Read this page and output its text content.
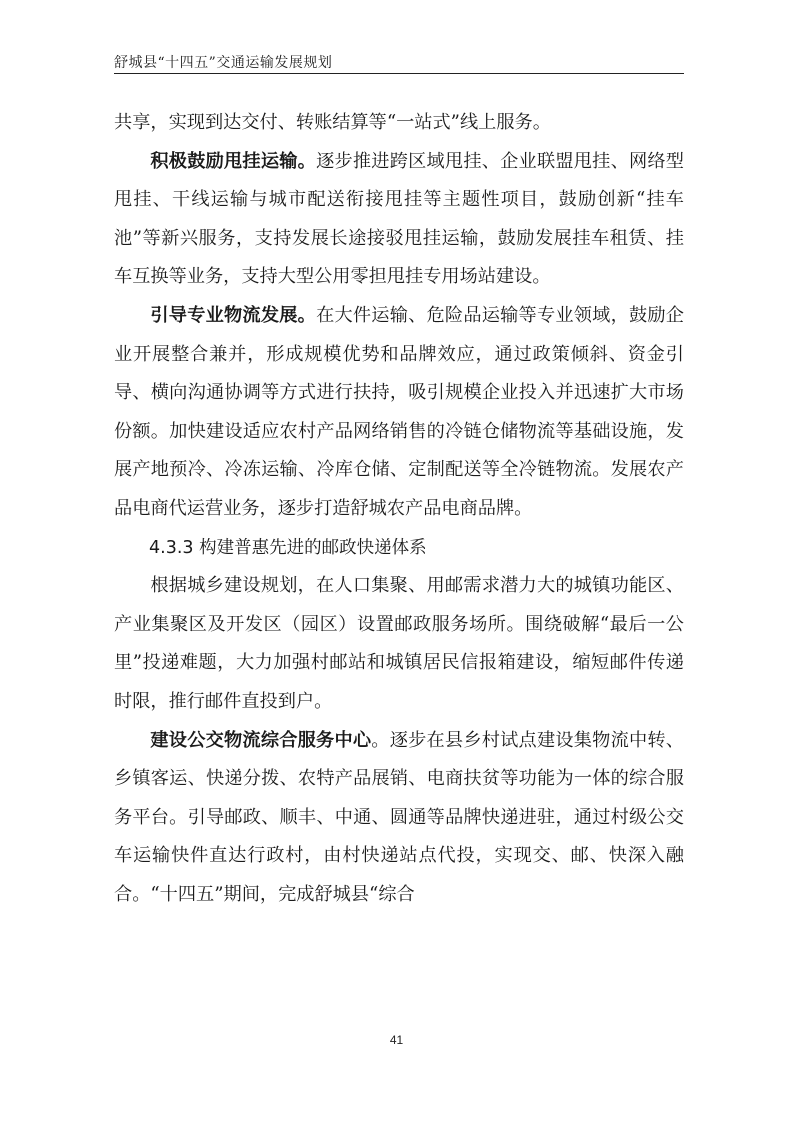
舒城县“十四五”交通运输发展规划

共享，实现到达交付、转账结算等“一站式”线上服务。

积极鼓励甩挂运输。逐步推进跨区域甩挂、企业联盟甩挂、网络型甩挂、干线运输与城市配送衔接甩挂等主题性项目，鼓励创新“挂车池”等新兴服务，支持发展长途接驳甩挂运输，鼓励发展挂车租赁、挂车互换等业务，支持大型公用零担甩挂专用场站建设。

引导专业物流发展。在大件运输、危险品运输等专业领域，鼓励企业开展整合兼并，形成规模优势和品牌效应，通过政策倾斜、资金引导、横向沟通协调等方式进行扶持，吸引规模企业投入并迅速扩大市场份额。加快建设适应农村产品网络销售的冷链仓储物流等基础设施，发展产地预冷、冷冻运输、冷库仓储、定制配送等全冷链物流。发展农产品电商代运营业务，逐步打造舒城农产品电商品牌。

4.3.3 构建普惠先进的邮政快递体系

根据城乡建设规划，在人口集聚、用邮需求潜力大的城镇功能区、产业集聚区及开发区（园区）设置邮政服务场所。围绕破解“最后一公里”投递难题，大力加强村邮站和城镇居民信报箱建设，缩短邮件传递时限，推行邮件直投到户。

建设公交物流综合服务中心。逐步在县乡村试点建设集物流中转、乡镇客运、快递分拨、农特产品展销、电商扶贫等功能为一体的综合服务平台。引导邮政、顺丰、中通、圆通等品牌快递进驻，通过村级公交车运输快件直达行政村，由村快递站点代投，实现交、邮、快深入融合。“十四五”期间，完成舒城县“综合

41
